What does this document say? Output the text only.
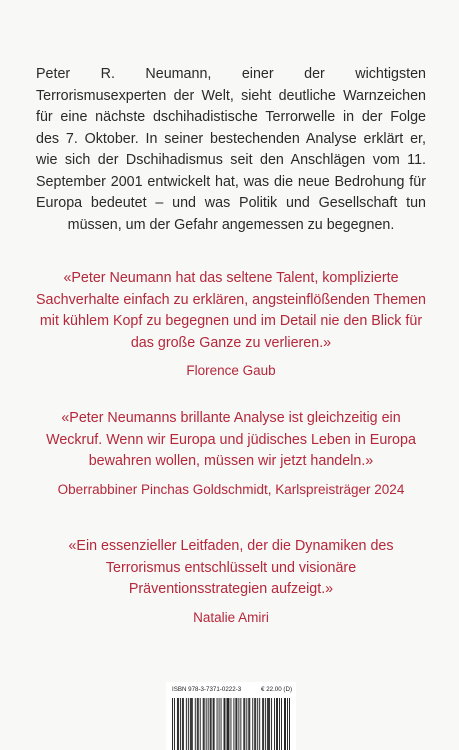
Peter R. Neumann, einer der wichtigsten Terrorismusexperten der Welt, sieht deutliche Warnzeichen für eine nächste dschihadistische Terrorwelle in der Folge des 7. Oktober. In seiner bestechenden Analyse erklärt er, wie sich der Dschihadismus seit den Anschlägen vom 11. September 2001 entwickelt hat, was die neue Bedrohung für Europa bedeutet – und was Politik und Gesellschaft tun müssen, um der Gefahr angemessen zu begegnen.

«Peter Neumann hat das seltene Talent, komplizierte Sachverhalte einfach zu erklären, angsteinflößenden Themen mit kühlem Kopf zu begegnen und im Detail nie den Blick für das große Ganze zu verlieren.»

Florence Gaub

«Peter Neumanns brillante Analyse ist gleichzeitig ein Weckruf. Wenn wir Europa und jüdisches Leben in Europa bewahren wollen, müssen wir jetzt handeln.»

Oberrabbiner Pinchas Goldschmidt, Karlspreisträger 2024

«Ein essenzieller Leitfaden, der die Dynamiken des Terrorismus entschlüsselt und visionäre Präventionsstrategien aufzeigt.»

Natalie Amiri

ISBN 978-3-7371-0222-3	€ 22.00 (D)
